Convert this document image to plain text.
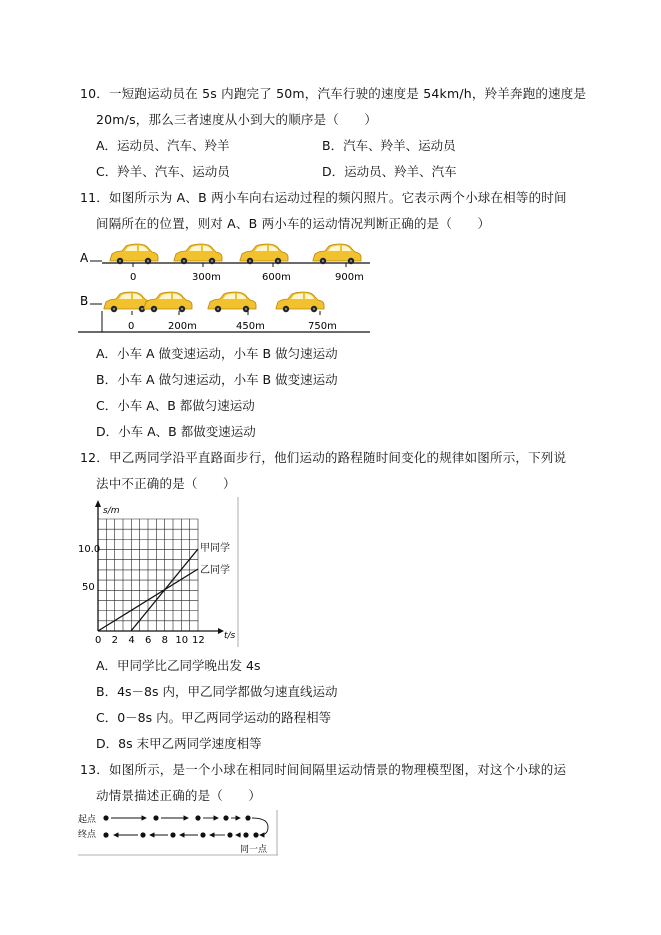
10．一短跑运动员在 5s 内跑完了 50m，汽车行驶的速度是 54km/h，羚羊奔跑的速度是
20m/s，那么三者速度从小到大的顺序是（　　）
A．运动员、汽车、羚羊	B．汽车、羚羊、运动员
C．羚羊、汽车、运动员	D．运动员、羚羊、汽车
11．如图所示为 A、B 两小车向右运动过程的频闪照片。它表示两个小球在相等的时间
间隔所在的位置，则对 A、B 两小车的运动情况判断正确的是（　　）
A
0	300m	600m	900m
B
0	200m	450m	750m
A．小车 A 做变速运动，小车 B 做匀速运动
B．小车 A 做匀速运动，小车 B 做变速运动
C．小车 A、B 都做匀速运动
D．小车 A、B 都做变速运动
12．甲乙两同学沿平直路面步行，他们运动的路程随时间变化的规律如图所示，下列说
法中不正确的是（　　）
s/m
t/s
10.0
50
0 2 4 6 8 10 12
甲同学
乙同学
A．甲同学比乙同学晚出发 4s
B．4s－8s 内，甲乙同学都做匀速直线运动
C．0－8s 内。甲乙两同学运动的路程相等
D．8s 末甲乙两同学速度相等
13．如图所示，是一个小球在相同时间间隔里运动情景的物理模型图，对这个小球的运
动情景描述正确的是（　　）
起点
终点
同一点
